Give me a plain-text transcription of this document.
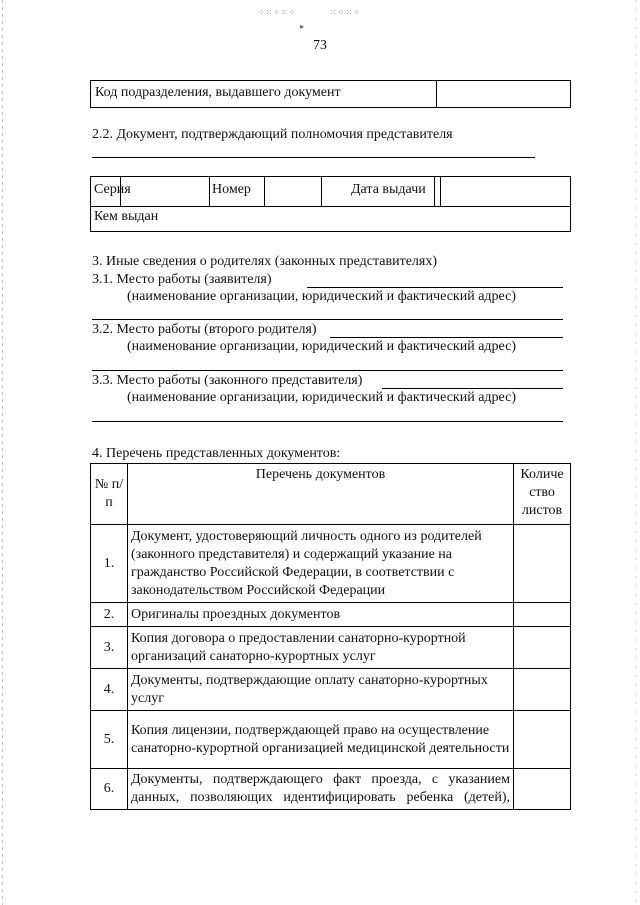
⁘⁙⁘⁙⁘	⁙⁘⁙⁘
▸
73
Код подразделения, выдавшего документ
2.2. Документ, подтверждающий полномочия представителя
Серия	Номер	Дата выдачи
Кем выдан
3. Иные сведения о родителях (законных представителях)
3.1. Место работы (заявителя)
(наименование организации, юридический и фактический адрес)
3.2. Место работы (второго родителя)
(наименование организации, юридический и фактический адрес)
3.3. Место работы (законного представителя)
(наименование организации, юридический и фактический адрес)
4. Перечень представленных документов:
№ п/п	Перечень документов	Количе ство листов
1.	Документ, удостоверяющий личность одного из родителей (законного представителя) и содержащий указание на гражданство Российской Федерации, в соответствии с законодательством Российской Федерации	
2.	Оригиналы проездных документов	
3.	Копия договора о предоставлении санаторно-курортной организаций санаторно-курортных услуг	
4.	Документы, подтверждающие оплату санаторно-курортных услуг	
5.	Копия лицензии, подтверждающей право на осуществление санаторно-курортной организацией медицинской деятельности	
6.	Документы, подтверждающего факт проезда, с указанием данных, позволяющих идентифицировать ребенка (детей),	
